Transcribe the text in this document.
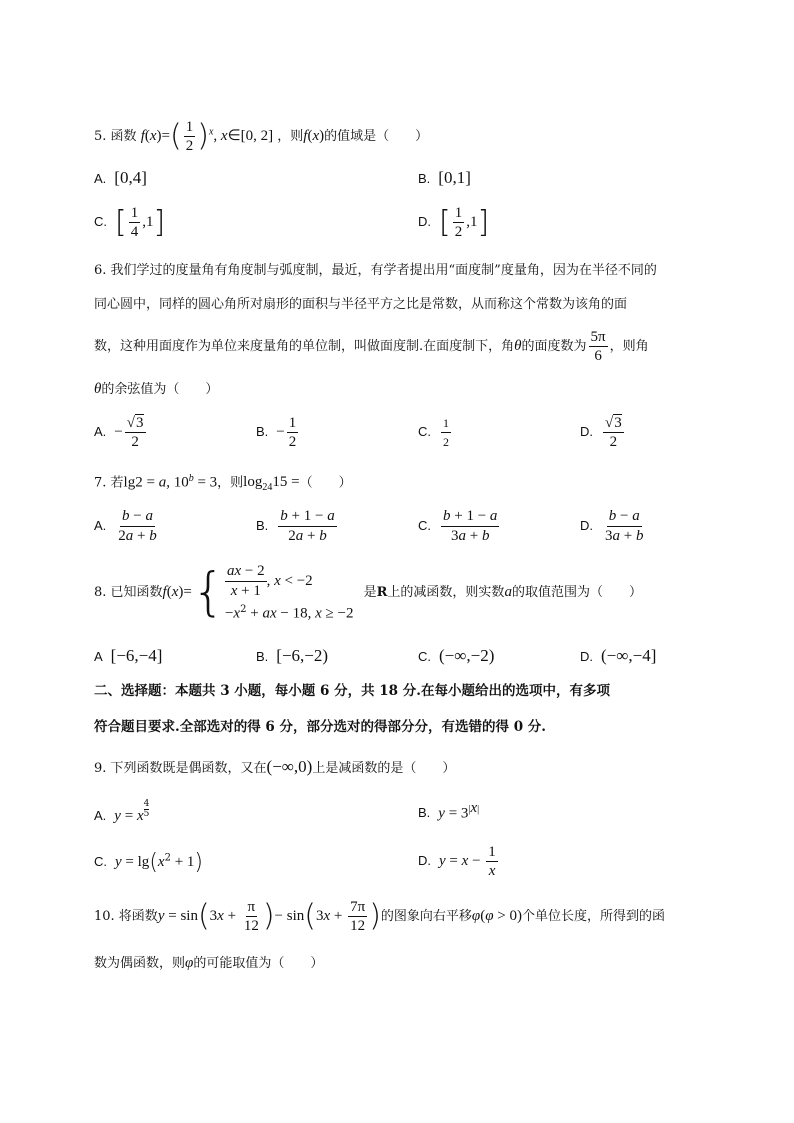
5. 函数 $f(x)=( \frac{1}{2} )^x$, x∈[0, 2] ，则f(x)的值域是（　　）
A. [0,4]	B. [0,1]
C. [ $\frac{1}{4} ,1$]	D. [ $\frac{1}{2} ,1$]
6. 我们学过的度量角有角度制与弧度制，最近，有学者提出用“面度制”度量角，因为在半径不同的
同心圆中，同样的圆心角所对扇形的面积与半径平方之比是常数，从而称这个常数为该角的面
数，这种用面度作为单位来度量角的单位制，叫做面度制.在面度制下，角θ的面度数为 $\frac{5\pi}{6}$ ，则角
θ的余弦值为（　　）
A. − $\frac{√3}{2}$	B. − $\frac{1}{2}$	C. $\frac{1}{2}$	D. $\frac{√3}{2}$
7. 若lg2 = a, $10^b = 3$，则$\log_{24}15$ =（　　）
A. $\frac{b - a}{2a + b}$	B. $\frac{b + 1 - a}{2a + b}$	C. $\frac{b + 1 - a}{3a + b}$	D. $\frac{b - a}{3a + b}$
8. 已知函数$f(x)=\{ \frac{ax - 2}{x + 1}$ , x < −2
$-x^2$ + ax − 18, x ≥ −2
是R上的减函数，则实数a的取值范围为（　　）
A [−6,−4]	B. [−6,−2)	C. (−∞,−2)	D. (−∞,−4]
二、选择题：本题共 3 小题，每小题 6 分，共 18 分.在每小题给出的选项中，有多项
符合题目要求.全部选对的得 6 分，部分选对的得部分分，有选错的得 0 分.
9. 下列函数既是偶函数，又在(−∞,0)上是减函数的是（　　）
A. y = x $^{\frac{4}{5}}$	B. $y = 3^{|x|}$
C. $y = \lg(x^2 + 1)$	D. $y = x - \frac{1}{x}$
10. 将函数$y = \sin(3x + \frac{\pi}{12}$ )− $\sin(3x + \frac{7\pi}{12}$ )的图象向右平移φ(φ > 0)个单位长度，所得到的函
数为偶函数，则φ的可能取值为（　　）
